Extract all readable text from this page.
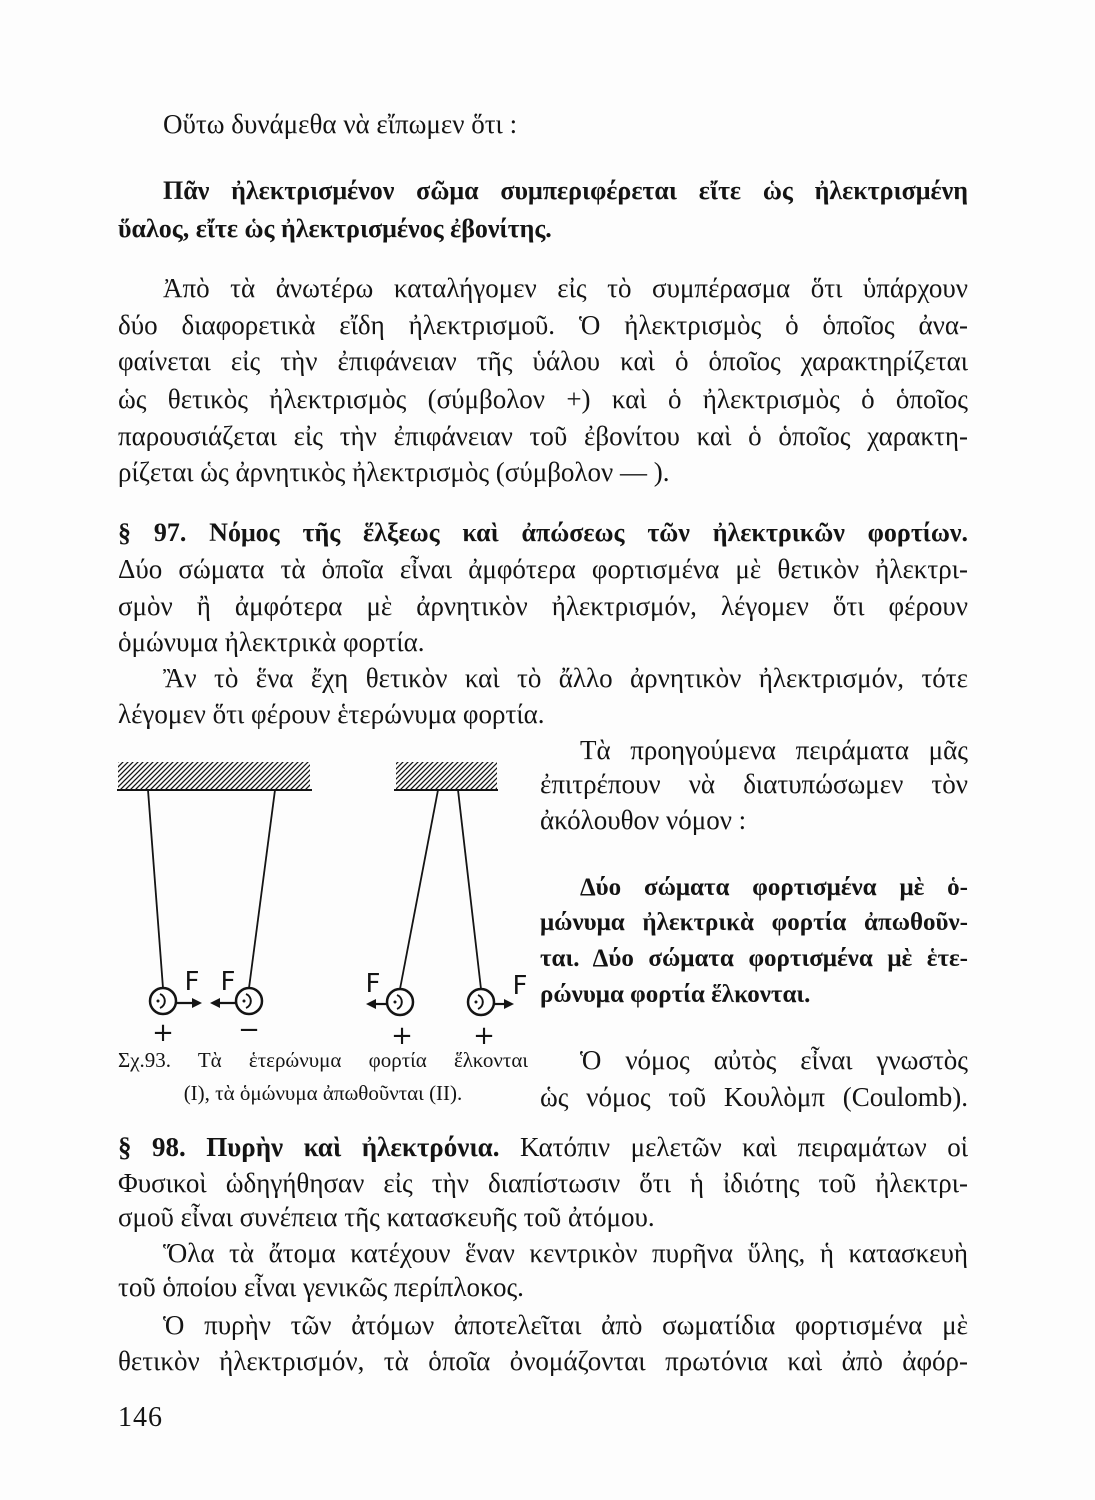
Οὕτω δυνάμεθα νὰ εἴπωμεν ὅτι :
Πᾶν ἠλεκτρισμένον σῶμα συμπεριφέρεται εἴτε ὡς ἠλεκτρισμένη
ὕαλος, εἴτε ὡς ἠλεκτρισμένος ἐβονίτης.
Ἀπὸ τὰ ἀνωτέρω καταλήγομεν εἰς τὸ συμπέρασμα ὅτι ὑπάρχουν
δύο διαφορετικὰ εἴδη ἠλεκτρισμοῦ. Ὁ ἠλεκτρισμὸς ὁ ὁποῖος ἀνα-
φαίνεται εἰς τὴν ἐπιφάνειαν τῆς ὑάλου καὶ ὁ ὁποῖος χαρακτηρίζεται
ὡς θετικὸς ἠλεκτρισμὸς (σύμβολον +) καὶ ὁ ἠλεκτρισμὸς ὁ ὁποῖος
παρουσιάζεται εἰς τὴν ἐπιφάνειαν τοῦ ἐβονίτου καὶ ὁ ὁποῖος χαρακτη-
ρίζεται ὡς ἀρνητικὸς ἠλεκτρισμὸς (σύμβολον — ).
§ 97. Νόμος τῆς ἕλξεως καὶ ἀπώσεως τῶν ἠλεκτρικῶν φορτίων.
Δύο σώματα τὰ ὁποῖα εἶναι ἀμφότερα φορτισμένα μὲ θετικὸν ἠλεκτρι-
σμὸν ἢ ἀμφότερα μὲ ἀρνητικὸν ἠλεκτρισμόν, λέγομεν ὅτι φέρουν
ὁμώνυμα ἠλεκτρικὰ φορτία.
Ἂν τὸ ἕνα ἔχη θετικὸν καὶ τὸ ἄλλο ἀρνητικὸν ἠλεκτρισμόν, τότε
λέγομεν ὅτι φέρουν ἑτερώνυμα φορτία.
Τὰ προηγούμενα πειράματα μᾶς
ἐπιτρέπουν νὰ διατυπώσωμεν τὸν
ἀκόλουθον νόμον :
Δύο σώματα φορτισμένα μὲ ὁ-
μώνυμα ἠλεκτρικὰ φορτία ἀπωθοῦν-
ται. Δύο σώματα φορτισμένα μὲ ἑτε-
ρώνυμα φορτία ἕλκονται.
Ὁ νόμος αὐτὸς εἶναι γνωστὸς
ὡς νόμος τοῦ Κουλὸμπ (Coulomb).
F F
+ −
F	F
+ +
Σχ.93. Τὰ ἑτερώνυμα φορτία ἕλκονται
(I), τὰ ὁμώνυμα ἀπωθοῦνται (II).
§ 98. Πυρὴν καὶ ἠλεκτρόνια. Κατόπιν μελετῶν καὶ πειραμάτων οἱ
Φυσικοὶ ὡδηγήθησαν εἰς τὴν διαπίστωσιν ὅτι ἡ ἰδιότης τοῦ ἠλεκτρι-
σμοῦ εἶναι συνέπεια τῆς κατασκευῆς τοῦ ἀτόμου.
Ὅλα τὰ ἄτομα κατέχουν ἕναν κεντρικὸν πυρῆνα ὕλης, ἡ κατασκευὴ
τοῦ ὁποίου εἶναι γενικῶς περίπλοκος.
Ὁ πυρὴν τῶν ἀτόμων ἀποτελεῖται ἀπὸ σωματίδια φορτισμένα μὲ
θετικὸν ἠλεκτρισμόν, τὰ ὁποῖα ὀνομάζονται πρωτόνια καὶ ἀπὸ ἀφόρ-
146
